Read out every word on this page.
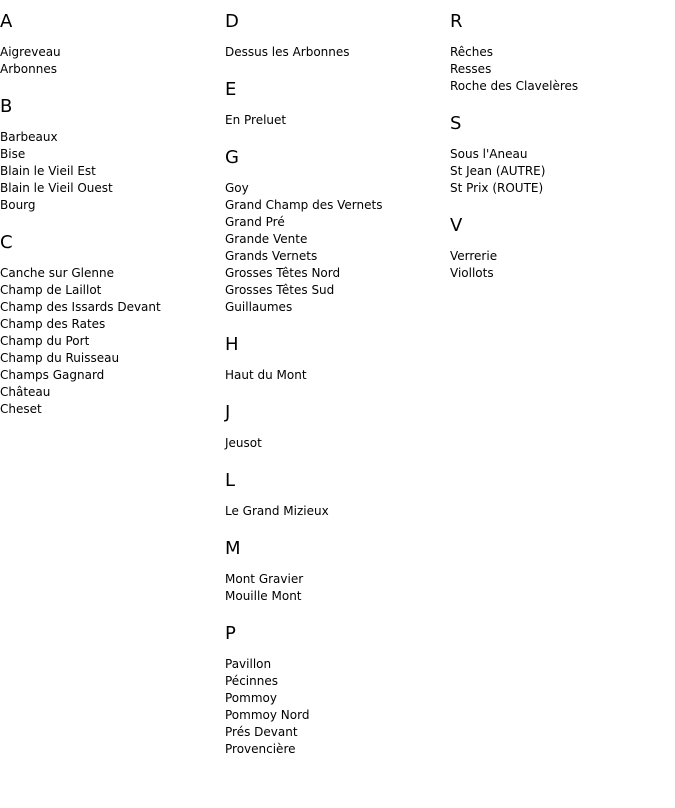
A
Aigreveau
Arbonnes
B
Barbeaux
Bise
Blain le Vieil Est
Blain le Vieil Ouest
Bourg
C
Canche sur Glenne
Champ de Laillot
Champ des Issards Devant
Champ des Rates
Champ du Port
Champ du Ruisseau
Champs Gagnard
Château
Cheset
D
Dessus les Arbonnes
E
En Preluet
G
Goy
Grand Champ des Vernets
Grand Pré
Grande Vente
Grands Vernets
Grosses Têtes Nord
Grosses Têtes Sud
Guillaumes
H
Haut du Mont
J
Jeusot
L
Le Grand Mizieux
M
Mont Gravier
Mouille Mont
P
Pavillon
Pécinnes
Pommoy
Pommoy Nord
Prés Devant
Provencière
R
Rêches
Resses
Roche des Clavelères
S
Sous l'Aneau
St Jean (AUTRE)
St Prix (ROUTE)
V
Verrerie
Viollots
